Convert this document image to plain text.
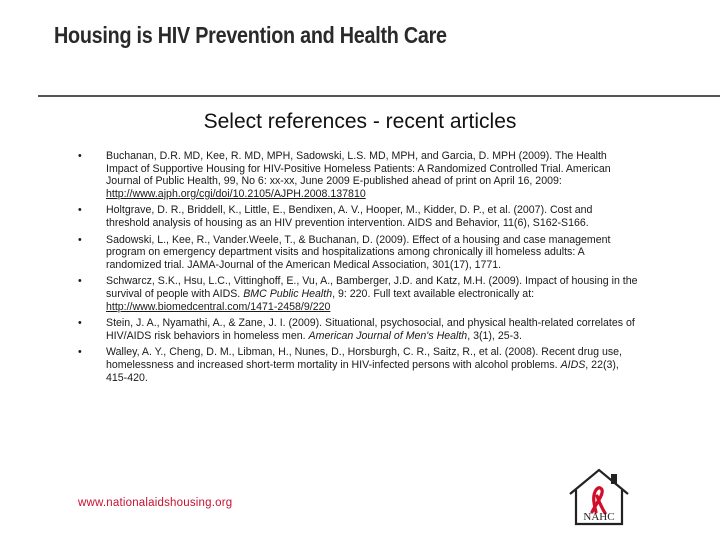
Housing is HIV Prevention and Health Care
Select references - recent articles
• Buchanan, D.R. MD, Kee, R. MD, MPH, Sadowski, L.S. MD, MPH, and Garcia, D. MPH (2009). The Health Impact of Supportive Housing for HIV-Positive Homeless Patients: A Randomized Controlled Trial. American Journal of Public Health, 99, No 6: xx-xx, June 2009 E-published ahead of print on April 16, 2009: http://www.ajph.org/cgi/doi/10.2105/AJPH.2008.137810
• Holtgrave, D. R., Briddell, K., Little, E., Bendixen, A. V., Hooper, M., Kidder, D. P., et al. (2007). Cost and threshold analysis of housing as an HIV prevention intervention. AIDS and Behavior, 11(6), S162-S166.
• Sadowski, L., Kee, R., Vander.Weele, T., & Buchanan, D. (2009). Effect of a housing and case management program on emergency department visits and hospitalizations among chronically ill homeless adults: A randomized trial. JAMA-Journal of the American Medical Association, 301(17), 1771.
• Schwarcz, S.K., Hsu, L.C., Vittinghoff, E., Vu, A., Bamberger, J.D. and Katz, M.H. (2009). Impact of housing in the survival of people with AIDS. BMC Public Health, 9: 220. Full text available electronically at: http://www.biomedcentral.com/1471-2458/9/220
• Stein, J. A., Nyamathi, A., & Zane, J. I. (2009). Situational, psychosocial, and physical health-related correlates of HIV/AIDS risk behaviors in homeless men. American Journal of Men's Health, 3(1), 25-3.
• Walley, A. Y., Cheng, D. M., Libman, H., Nunes, D., Horsburgh, C. R., Saitz, R., et al. (2008). Recent drug use, homelessness and increased short-term mortality in HIV-infected persons with alcohol problems. AIDS, 22(3), 415-420.
www.nationalaidshousing.org
NAHC
